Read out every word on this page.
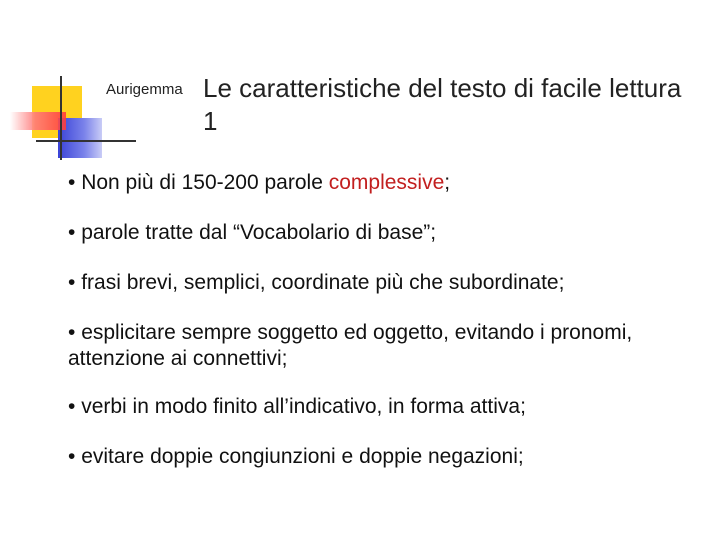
Aurigemma Le caratteristiche del testo di facile lettura 1
• Non più di 150-200 parole complessive;
• parole tratte dal “Vocabolario di base”;
• frasi brevi, semplici, coordinate più che subordinate;
• esplicitare sempre soggetto ed oggetto, evitando i pronomi, attenzione ai connettivi;
• verbi in modo finito all’indicativo, in forma attiva;
• evitare doppie congiunzioni e doppie negazioni;
